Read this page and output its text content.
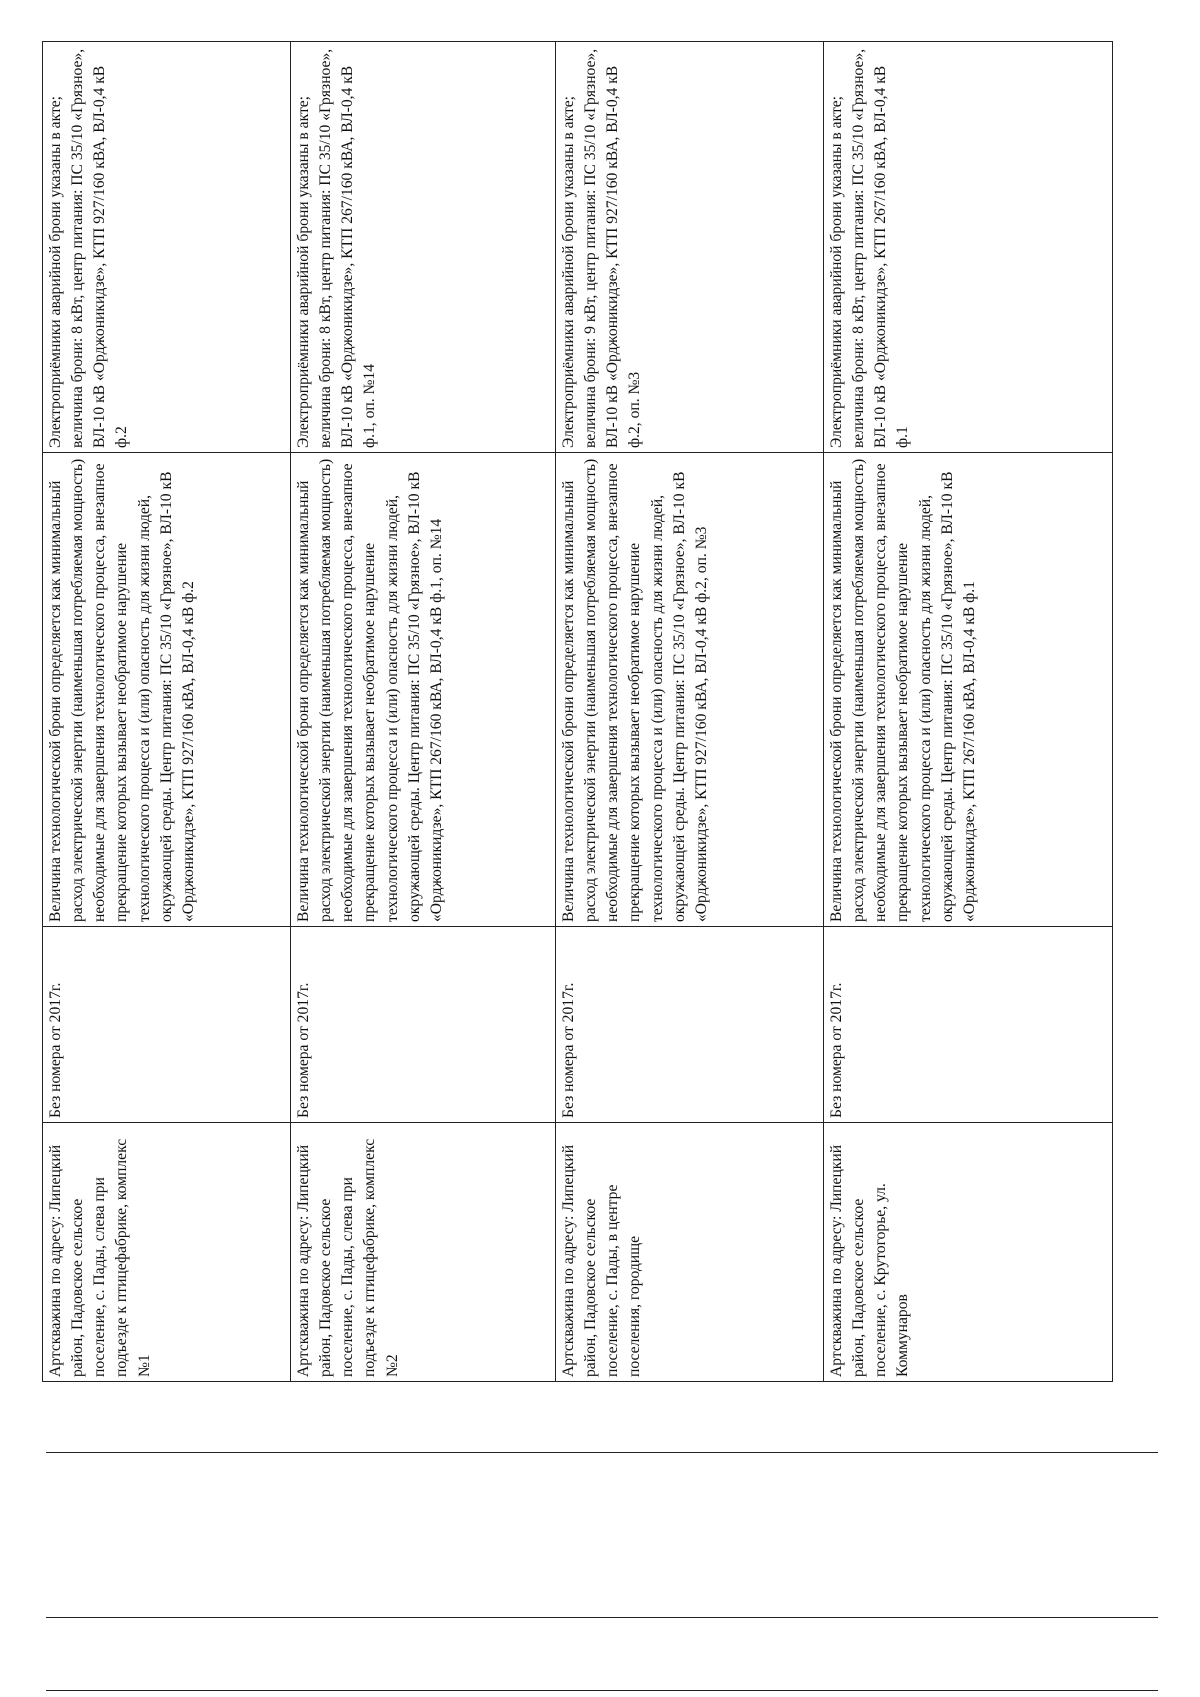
Артскважина по адресу: Липецкий район, Падовское сельское поселение, с. Пады, слева при подъезде к птицефабрике, комплекс №1	Без номера от 2017г.	Величина технологической брони определяется как минимальный расход электрической энергии (наименьшая потребляемая мощность) необходимые для завершения технологического процесса, внезапное прекращение которых вызывает необратимое нарушение технологического процесса и (или) опасность для жизни людей, окружающей среды. Центр питания: ПС 35/10 «Грязное», ВЛ-10 кВ «Орджоникидзе», КТП 927/160 кВА, ВЛ-0,4 кВ ф.2	Электроприёмники аварийной брони указаны в акте; величина брони: 8 кВт, центр питания: ПС 35/10 «Грязное», ВЛ-10 кВ «Орджоникидзе», КТП 927/160 кВА, ВЛ-0,4 кВ ф.2
Артскважина по адресу: Липецкий район, Падовское сельское поселение, с. Пады, слева при подъезде к птицефабрике, комплекс №2	Без номера от 2017г.	Величина технологической брони определяется как минимальный расход электрической энергии (наименьшая потребляемая мощность) необходимые для завершения технологического процесса, внезапное прекращение которых вызывает необратимое нарушение технологического процесса и (или) опасность для жизни людей, окружающей среды. Центр питания: ПС 35/10 «Грязное», ВЛ-10 кВ «Орджоникидзе», КТП 267/160 кВА, ВЛ-0,4 кВ ф.1, оп. №14	Электроприёмники аварийной брони указаны в акте; величина брони: 8 кВт, центр питания: ПС 35/10 «Грязное», ВЛ-10 кВ «Орджоникидзе», КТП 267/160 кВА, ВЛ-0,4 кВ ф.1, оп. №14
Артскважина по адресу: Липецкий район, Падовское сельское поселение, с. Пады, в центре поселения, городище	Без номера от 2017г.	Величина технологической брони определяется как минимальный расход электрической энергии (наименьшая потребляемая мощность) необходимые для завершения технологического процесса, внезапное прекращение которых вызывает необратимое нарушение технологического процесса и (или) опасность для жизни людей, окружающей среды. Центр питания: ПС 35/10 «Грязное», ВЛ-10 кВ «Орджоникидзе», КТП 927/160 кВА, ВЛ-0,4 кВ ф.2, оп. №3	Электроприёмники аварийной брони указаны в акте; величина брони: 9 кВт, центр питания: ПС 35/10 «Грязное», ВЛ-10 кВ «Орджоникидзе», КТП 927/160 кВА, ВЛ-0,4 кВ ф.2, оп. №3
Артскважина по адресу: Липецкий район, Падовское сельское поселение, с. Крутогорье, ул. Коммунаров	Без номера от 2017г.	Величина технологической брони определяется как минимальный расход электрической энергии (наименьшая потребляемая мощность) необходимые для завершения технологического процесса, внезапное прекращение которых вызывает необратимое нарушение технологического процесса и (или) опасность для жизни людей, окружающей среды. Центр питания: ПС 35/10 «Грязное», ВЛ-10 кВ «Орджоникидзе», КТП 267/160 кВА, ВЛ-0,4 кВ ф.1	Электроприёмники аварийной брони указаны в акте; величина брони: 8 кВт, центр питания: ПС 35/10 «Грязное», ВЛ-10 кВ «Орджоникидзе», КТП 267/160 кВА, ВЛ-0,4 кВ ф.1
